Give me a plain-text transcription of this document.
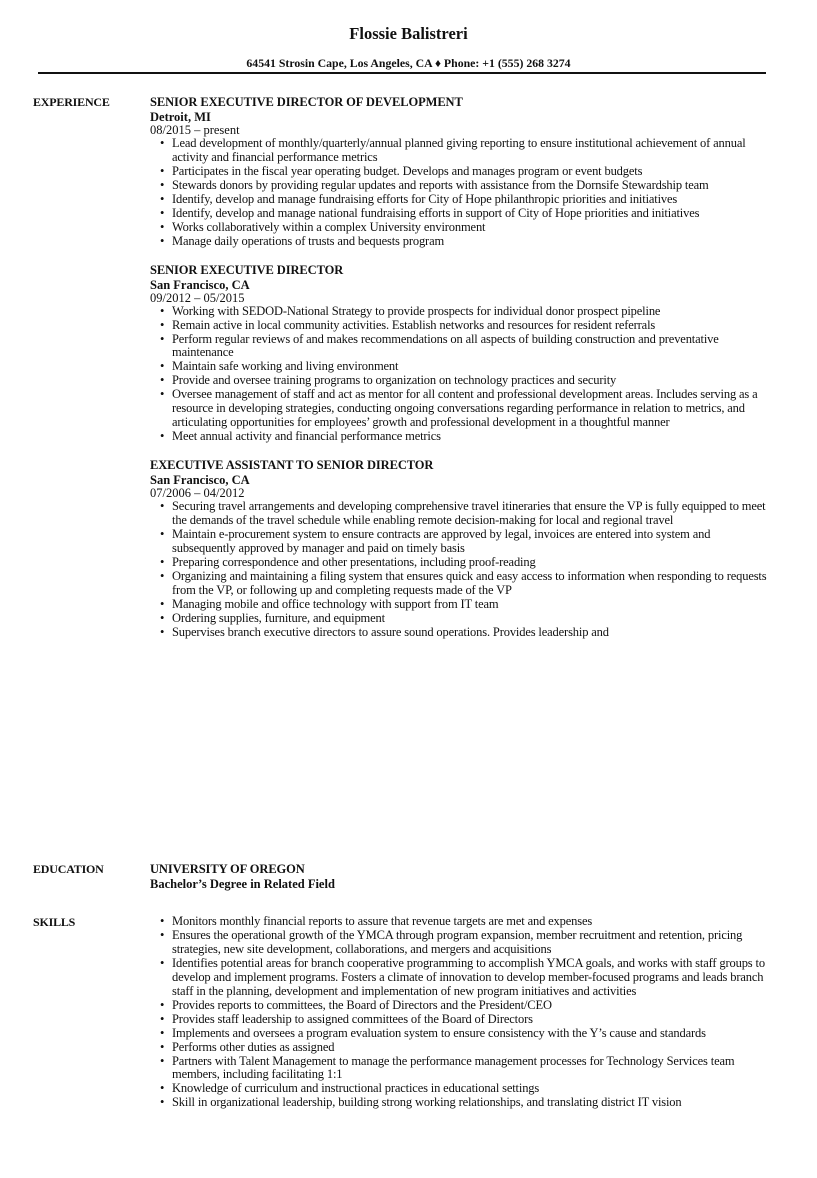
Flossie Balistreri
64541 Strosin Cape, Los Angeles, CA ♦ Phone: +1 (555) 268 3274
EXPERIENCE	SENIOR EXECUTIVE DIRECTOR OF DEVELOPMENT
Detroit, MI
08/2015 – present
• Lead development of monthly/quarterly/annual planned giving reporting to ensure institutional achievement of annual activity and financial performance metrics
• Participates in the fiscal year operating budget. Develops and manages program or event budgets
• Stewards donors by providing regular updates and reports with assistance from the Dornsife Stewardship team
• Identify, develop and manage fundraising efforts for City of Hope philanthropic priorities and initiatives
• Identify, develop and manage national fundraising efforts in support of City of Hope priorities and initiatives
• Works collaboratively within a complex University environment
• Manage daily operations of trusts and bequests program
SENIOR EXECUTIVE DIRECTOR
San Francisco, CA
09/2012 – 05/2015
• Working with SEDOD-National Strategy to provide prospects for individual donor prospect pipeline
• Remain active in local community activities. Establish networks and resources for resident referrals
• Perform regular reviews of and makes recommendations on all aspects of building construction and preventative maintenance
• Maintain safe working and living environment
• Provide and oversee training programs to organization on technology practices and security
• Oversee management of staff and act as mentor for all content and professional development areas. Includes serving as a resource in developing strategies, conducting ongoing conversations regarding performance in relation to metrics, and articulating opportunities for employees’ growth and professional development in a thoughtful manner
• Meet annual activity and financial performance metrics
EXECUTIVE ASSISTANT TO SENIOR DIRECTOR
San Francisco, CA
07/2006 – 04/2012
• Securing travel arrangements and developing comprehensive travel itineraries that ensure the VP is fully equipped to meet the demands of the travel schedule while enabling remote decision-making for local and regional travel
• Maintain e-procurement system to ensure contracts are approved by legal, invoices are entered into system and subsequently approved by manager and paid on timely basis
• Preparing correspondence and other presentations, including proof-reading
• Organizing and maintaining a filing system that ensures quick and easy access to information when responding to requests from the VP, or following up and completing requests made of the VP
• Managing mobile and office technology with support from IT team
• Ordering supplies, furniture, and equipment
• Supervises branch executive directors to assure sound operations. Provides leadership and
EDUCATION	UNIVERSITY OF OREGON
Bachelor’s Degree in Related Field
SKILLS	• Monitors monthly financial reports to assure that revenue targets are met and expenses
• Ensures the operational growth of the YMCA through program expansion, member recruitment and retention, pricing strategies, new site development, collaborations, and mergers and acquisitions
• Identifies potential areas for branch cooperative programming to accomplish YMCA goals, and works with staff groups to develop and implement programs. Fosters a climate of innovation to develop member-focused programs and leads branch staff in the planning, development and implementation of new program initiatives and activities
• Provides reports to committees, the Board of Directors and the President/CEO
• Provides staff leadership to assigned committees of the Board of Directors
• Implements and oversees a program evaluation system to ensure consistency with the Y’s cause and standards
• Performs other duties as assigned
• Partners with Talent Management to manage the performance management processes for Technology Services team members, including facilitating 1:1
• Knowledge of curriculum and instructional practices in educational settings
• Skill in organizational leadership, building strong working relationships, and translating district IT vision
